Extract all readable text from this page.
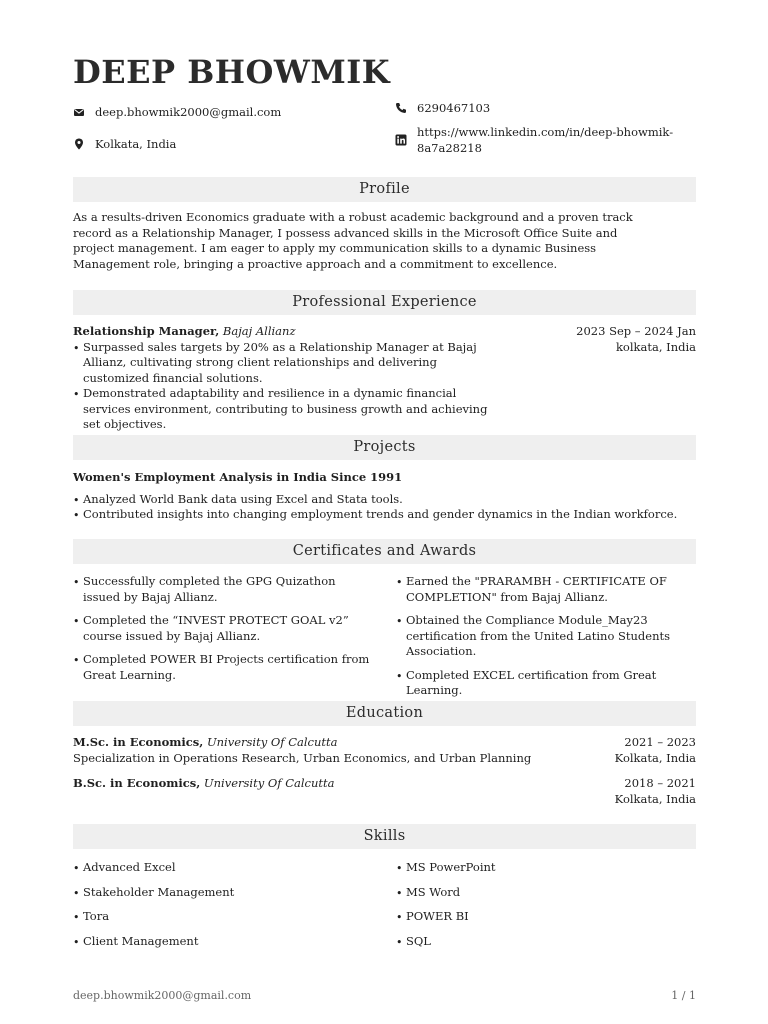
DEEP BHOWMIK
deep.bhowmik2000@gmail.com
Kolkata, India
6290467103
https://www.linkedin.com/in/deep-bhowmik-8a7a28218
Profile

As a results-driven Economics graduate with a robust academic background and a proven track record as a Relationship Manager, I possess advanced skills in the Microsoft Office Suite and project management. I am eager to apply my communication skills to a dynamic Business Management role, bringing a proactive approach and a commitment to excellence.

Professional Experience
Relationship Manager, Bajaj Allianz	2023 Sep – 2024 Jan
kolkata, India
• Surpassed sales targets by 20% as a Relationship Manager at Bajaj Allianz, cultivating strong client relationships and delivering customized financial solutions.
• Demonstrated adaptability and resilience in a dynamic financial services environment, contributing to business growth and achieving set objectives.
Projects
Women's Employment Analysis in India Since 1991
• Analyzed World Bank data using Excel and Stata tools.
• Contributed insights into changing employment trends and gender dynamics in the Indian workforce.
Certificates and Awards
• Successfully completed the GPG Quizathon issued by Bajaj Allianz.
• Completed the “INVEST PROTECT GOAL v2” course issued by Bajaj Allianz.
• Completed POWER BI Projects certification from Great Learning.
• Earned the "PRARAMBH - CERTIFICATE OF COMPLETION" from Bajaj Allianz.
• Obtained the Compliance Module_May23 certification from the United Latino Students Association.
• Completed EXCEL certification from Great Learning.
Education
M.Sc. in Economics, University Of Calcutta
Specialization in Operations Research, Urban Economics, and Urban Planning
2021 – 2023
Kolkata, India
B.Sc. in Economics, University Of Calcutta	2018 – 2021
Kolkata, India
Skills
• Advanced Excel
• Stakeholder Management
• Tora
• Client Management
• MS PowerPoint
• MS Word
• POWER BI
• SQL
deep.bhowmik2000@gmail.com	1 / 1
